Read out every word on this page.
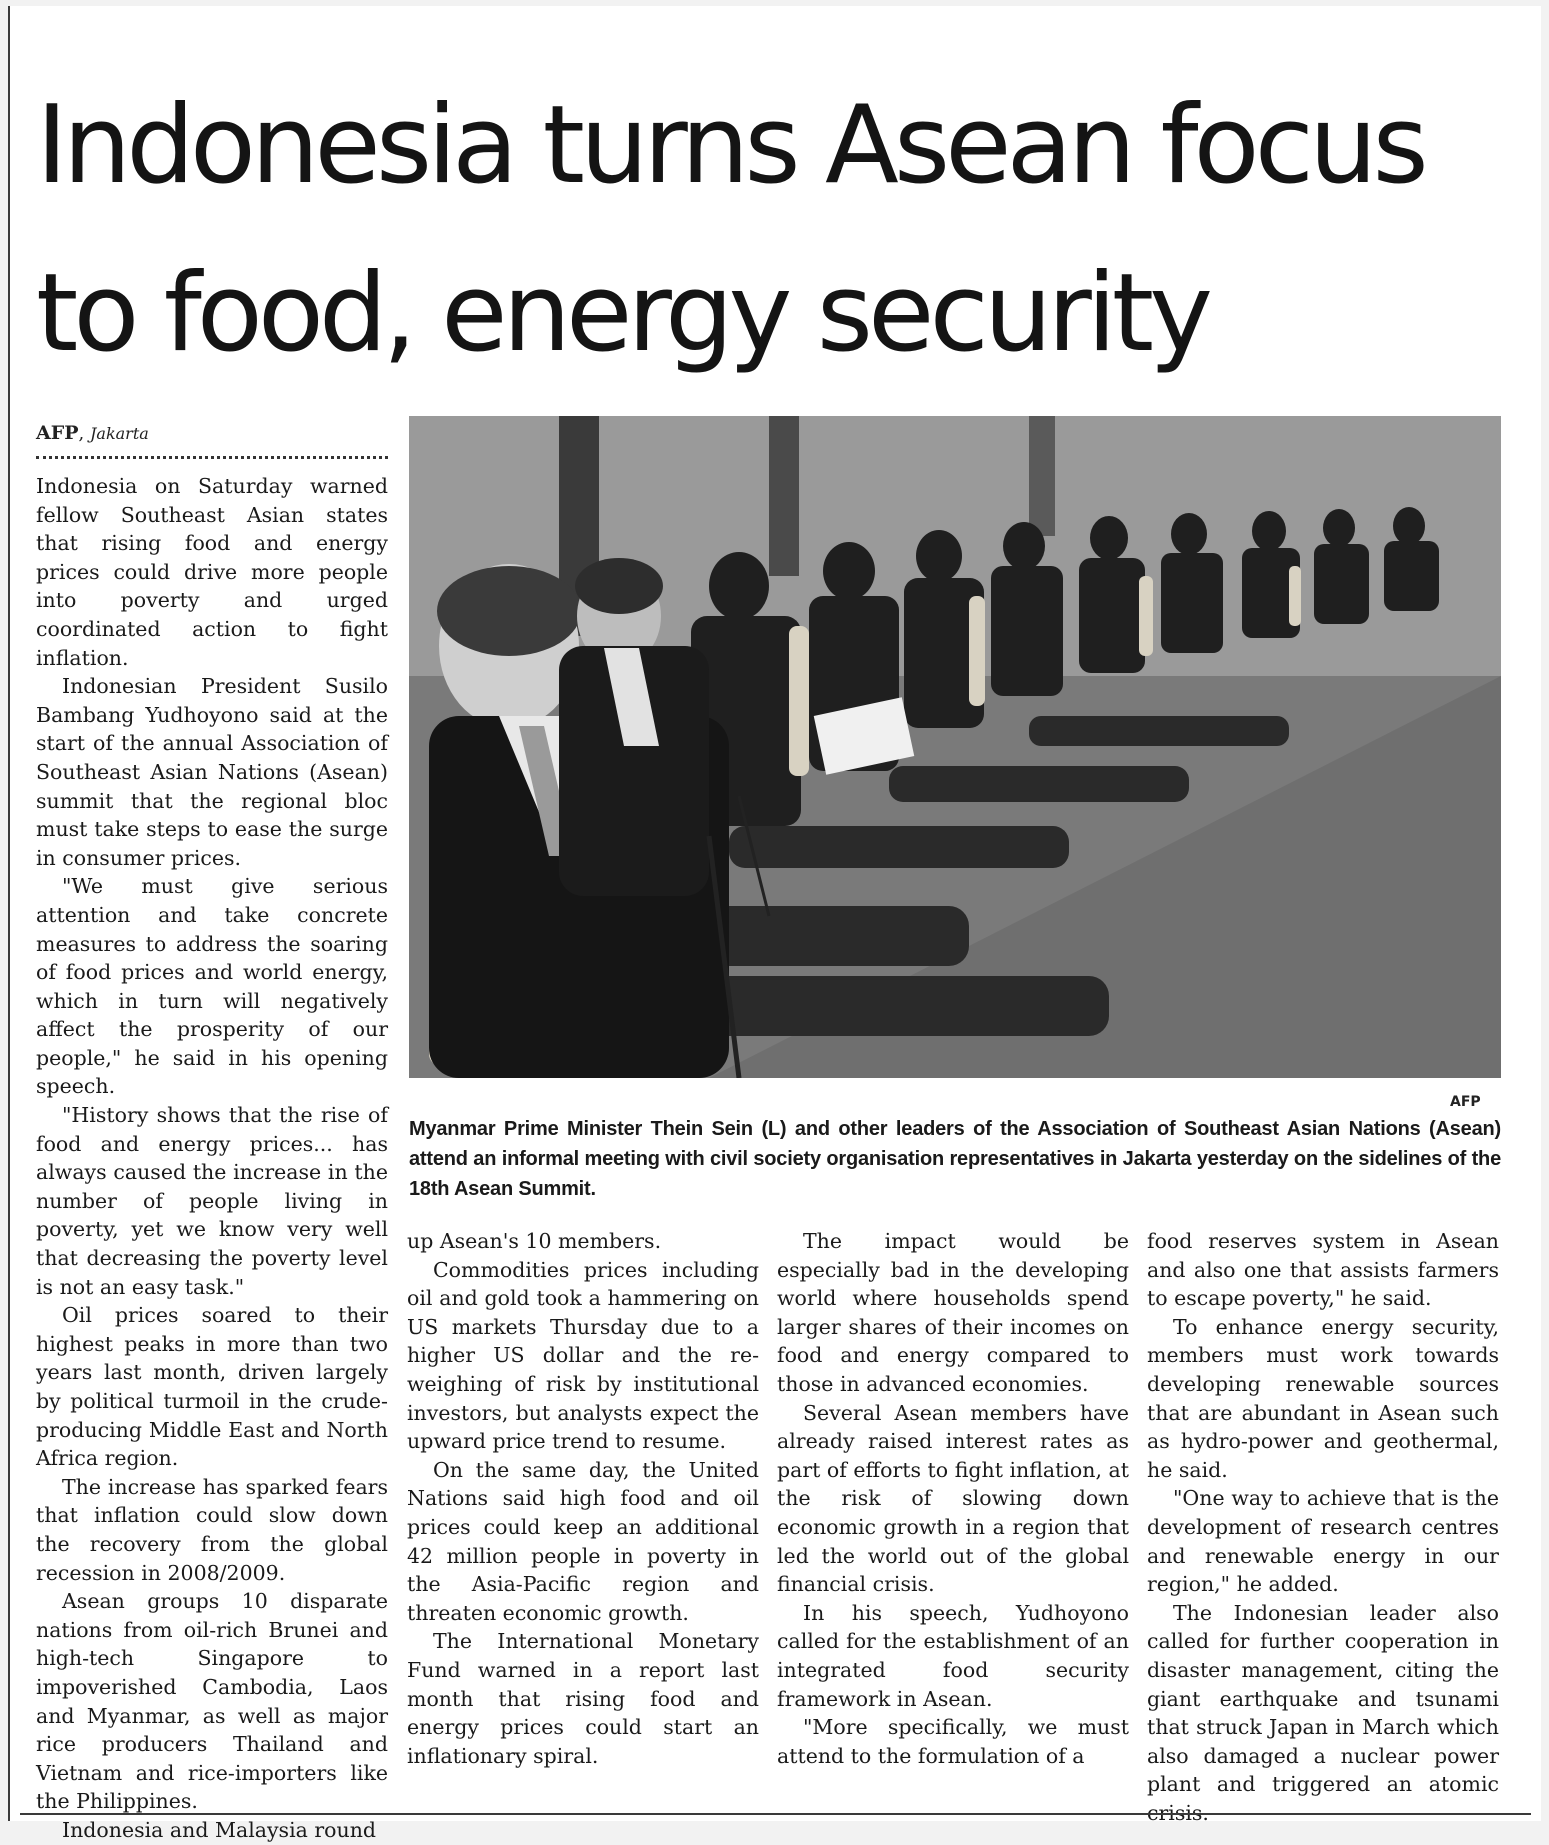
Indonesia turns Asean focus to food, energy security
AFP, Jakarta
AFP

Myanmar Prime Minister Thein Sein (L) and other leaders of the Association of Southeast Asian Nations (Asean) attend an informal meeting with civil society organisation representatives in Jakarta yesterday on the sidelines of the 18th Asean Summit.

Indonesia on Saturday warned fellow Southeast Asian states that rising food and energy prices could drive more people into poverty and urged coordinated action to fight inflation.
Indonesian President Susilo Bambang Yudhoyono said at the start of the annual Association of Southeast Asian Nations (Asean) summit that the regional bloc must take steps to ease the surge in consumer prices.
"We must give serious attention and take concrete measures to address the soaring of food prices and world energy, which in turn will negatively affect the prosperity of our people," he said in his opening speech.
"History shows that the rise of food and energy prices... has always caused the increase in the number of people living in poverty, yet we know very well that decreasing the poverty level is not an easy task."
Oil prices soared to their highest peaks in more than two years last month, driven largely by political turmoil in the crude-producing Middle East and North Africa region.
The increase has sparked fears that inflation could slow down the recovery from the global recession in 2008/2009.
Asean groups 10 disparate nations from oil-rich Brunei and high-tech Singapore to impoverished Cambodia, Laos and Myanmar, as well as major rice producers Thailand and Vietnam and rice-importers like the Philippines.
Indonesia and Malaysia round
up Asean's 10 members.
Commodities prices including oil and gold took a hammering on US markets Thursday due to a higher US dollar and the re-weighing of risk by institutional investors, but analysts expect the upward price trend to resume.
On the same day, the United Nations said high food and oil prices could keep an additional 42 million people in poverty in the Asia-Pacific region and threaten economic growth.
The International Monetary Fund warned in a report last month that rising food and energy prices could start an inflationary spiral.
The impact would be especially bad in the developing world where households spend larger shares of their incomes on food and energy compared to those in advanced economies.
Several Asean members have already raised interest rates as part of efforts to fight inflation, at the risk of slowing down economic growth in a region that led the world out of the global financial crisis.
In his speech, Yudhoyono called for the establishment of an integrated food security framework in Asean.
"More specifically, we must attend to the formulation of a
food reserves system in Asean and also one that assists farmers to escape poverty," he said.
To enhance energy security, members must work towards developing renewable sources that are abundant in Asean such as hydro-power and geothermal, he said.
"One way to achieve that is the development of research centres and renewable energy in our region," he added.
The Indonesian leader also called for further cooperation in disaster management, citing the giant earthquake and tsunami that struck Japan in March which also damaged a nuclear power plant and triggered an atomic crisis.
